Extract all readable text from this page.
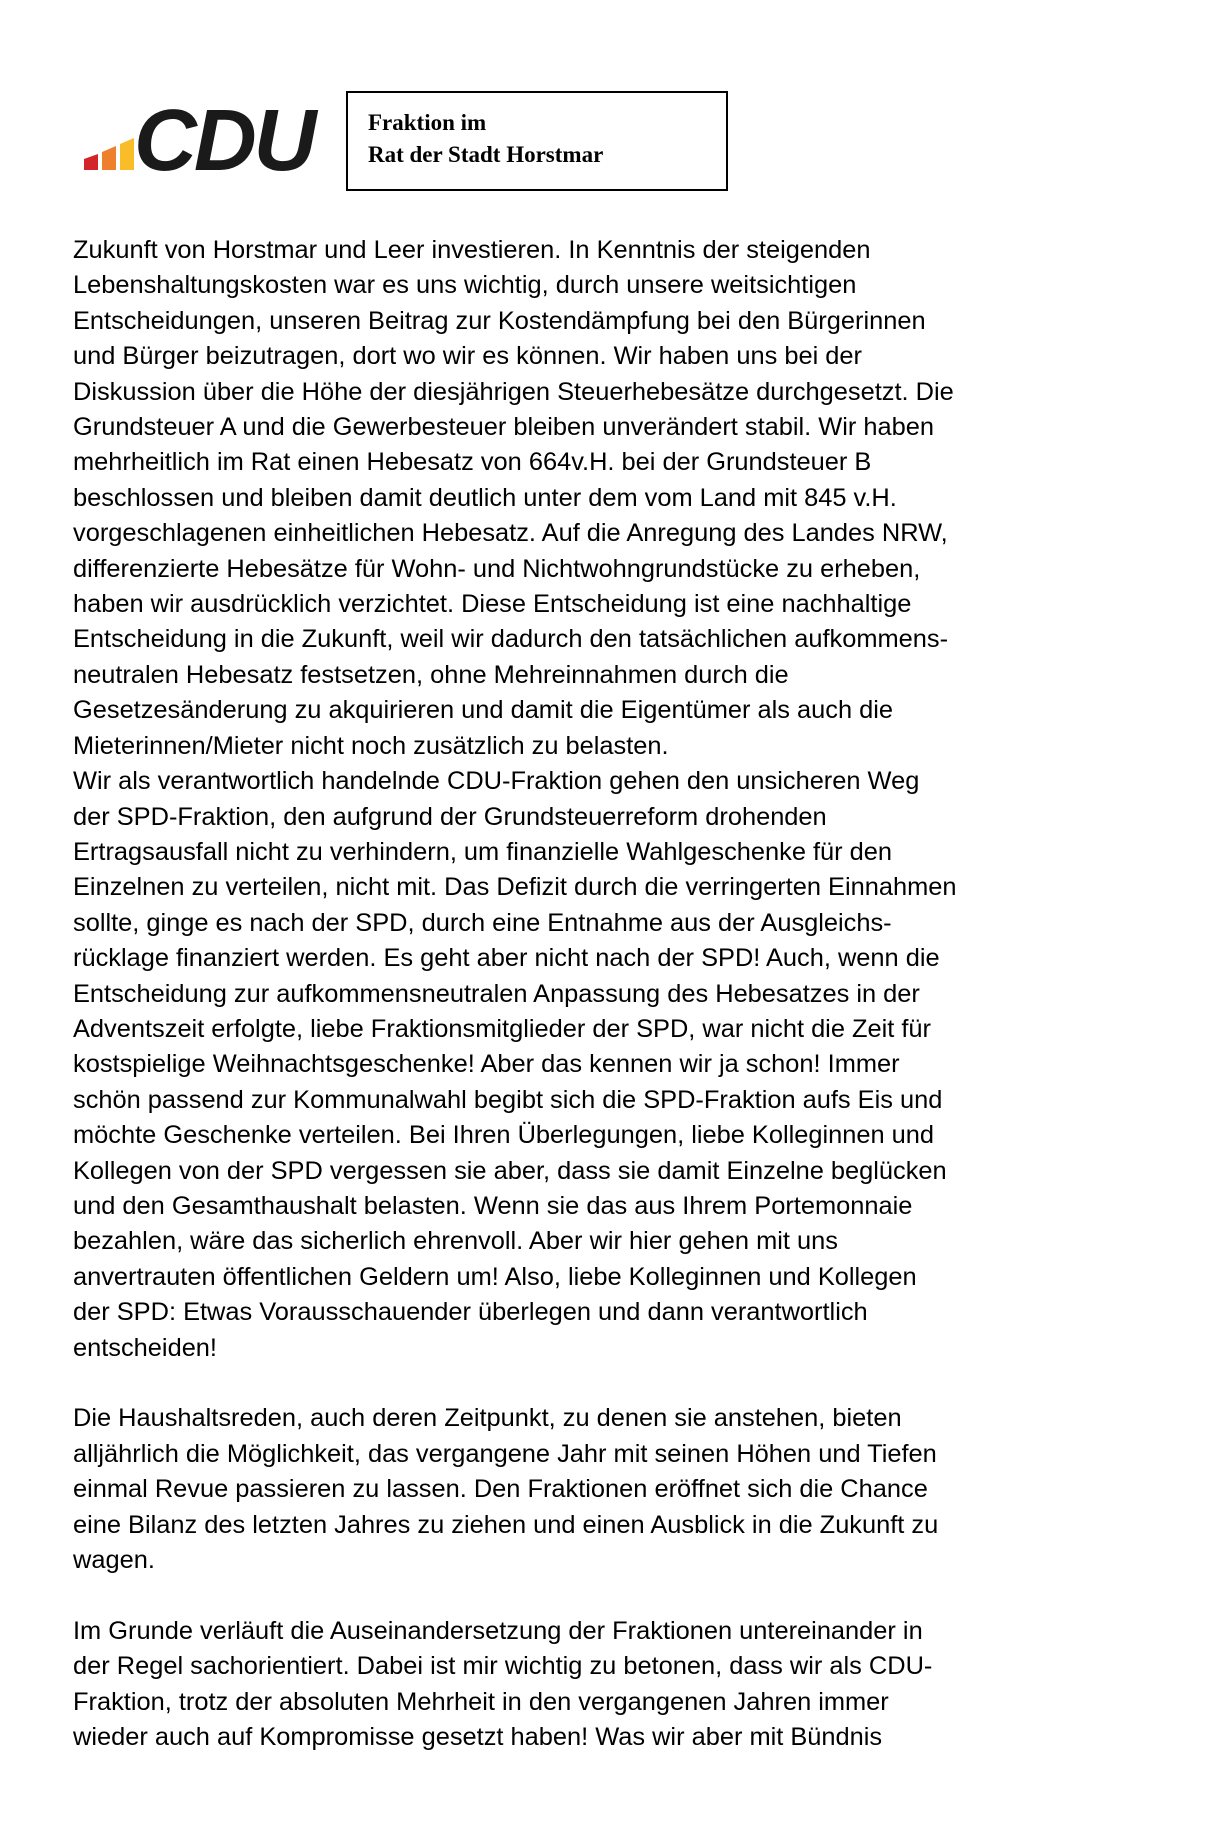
CDU Fraktion im
Rat der Stadt Horstmar
Zukunft von Horstmar und Leer investieren. In Kenntnis der steigenden
Lebenshaltungskosten war es uns wichtig, durch unsere weitsichtigen
Entscheidungen, unseren Beitrag zur Kostendämpfung bei den Bürgerinnen
und Bürger beizutragen, dort wo wir es können. Wir haben uns bei der
Diskussion über die Höhe der diesjährigen Steuerhebesätze durchgesetzt. Die
Grundsteuer A und die Gewerbesteuer bleiben unverändert stabil. Wir haben
mehrheitlich im Rat einen Hebesatz von 664v.H. bei der Grundsteuer B
beschlossen und bleiben damit deutlich unter dem vom Land mit 845 v.H.
vorgeschlagenen einheitlichen Hebesatz. Auf die Anregung des Landes NRW,
differenzierte Hebesätze für Wohn- und Nichtwohngrundstücke zu erheben,
haben wir ausdrücklich verzichtet. Diese Entscheidung ist eine nachhaltige
Entscheidung in die Zukunft, weil wir dadurch den tatsächlichen aufkommens-
neutralen Hebesatz festsetzen, ohne Mehreinnahmen durch die
Gesetzesänderung zu akquirieren und damit die Eigentümer als auch die
Mieterinnen/Mieter nicht noch zusätzlich zu belasten.
Wir als verantwortlich handelnde CDU-Fraktion gehen den unsicheren Weg
der SPD-Fraktion, den aufgrund der Grundsteuerreform drohenden
Ertragsausfall nicht zu verhindern, um finanzielle Wahlgeschenke für den
Einzelnen zu verteilen, nicht mit. Das Defizit durch die verringerten Einnahmen
sollte, ginge es nach der SPD, durch eine Entnahme aus der Ausgleichs-
rücklage finanziert werden. Es geht aber nicht nach der SPD! Auch, wenn die
Entscheidung zur aufkommensneutralen Anpassung des Hebesatzes in der
Adventszeit erfolgte, liebe Fraktionsmitglieder der SPD, war nicht die Zeit für
kostspielige Weihnachtsgeschenke! Aber das kennen wir ja schon! Immer
schön passend zur Kommunalwahl begibt sich die SPD-Fraktion aufs Eis und
möchte Geschenke verteilen. Bei Ihren Überlegungen, liebe Kolleginnen und
Kollegen von der SPD vergessen sie aber, dass sie damit Einzelne beglücken
und den Gesamthaushalt belasten. Wenn sie das aus Ihrem Portemonnaie
bezahlen, wäre das sicherlich ehrenvoll. Aber wir hier gehen mit uns
anvertrauten öffentlichen Geldern um! Also, liebe Kolleginnen und Kollegen
der SPD: Etwas Vorausschauender überlegen und dann verantwortlich
entscheiden!
Die Haushaltsreden, auch deren Zeitpunkt, zu denen sie anstehen, bieten
alljährlich die Möglichkeit, das vergangene Jahr mit seinen Höhen und Tiefen
einmal Revue passieren zu lassen. Den Fraktionen eröffnet sich die Chance
eine Bilanz des letzten Jahres zu ziehen und einen Ausblick in die Zukunft zu
wagen.
Im Grunde verläuft die Auseinandersetzung der Fraktionen untereinander in
der Regel sachorientiert. Dabei ist mir wichtig zu betonen, dass wir als CDU-
Fraktion, trotz der absoluten Mehrheit in den vergangenen Jahren immer
wieder auch auf Kompromisse gesetzt haben! Was wir aber mit Bündnis
